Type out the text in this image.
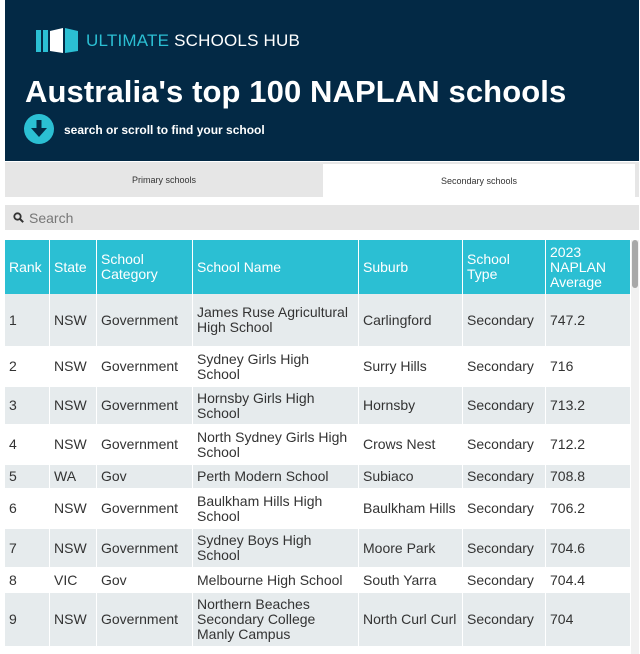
ULTIMATE SCHOOLS HUB
Australia's top 100 NAPLAN schools
search or scroll to find your school
Primary schools	Secondary schools
Search
Rank	State	School Category	School Name	Suburb	School Type	2023 NAPLAN Average
1	NSW	Government	James Ruse Agricultural High School	Carlingford	Secondary	747.2
2	NSW	Government	Sydney Girls High School	Surry Hills	Secondary	716
3	NSW	Government	Hornsby Girls High School	Hornsby	Secondary	713.2
4	NSW	Government	North Sydney Girls High School	Crows Nest	Secondary	712.2
5	WA	Gov	Perth Modern School	Subiaco	Secondary	708.8
6	NSW	Government	Baulkham Hills High School	Baulkham Hills	Secondary	706.2
7	NSW	Government	Sydney Boys High School	Moore Park	Secondary	704.6
8	VIC	Gov	Melbourne High School	South Yarra	Secondary	704.4
9	NSW	Government	Northern Beaches Secondary College Manly Campus	North Curl Curl	Secondary	704
